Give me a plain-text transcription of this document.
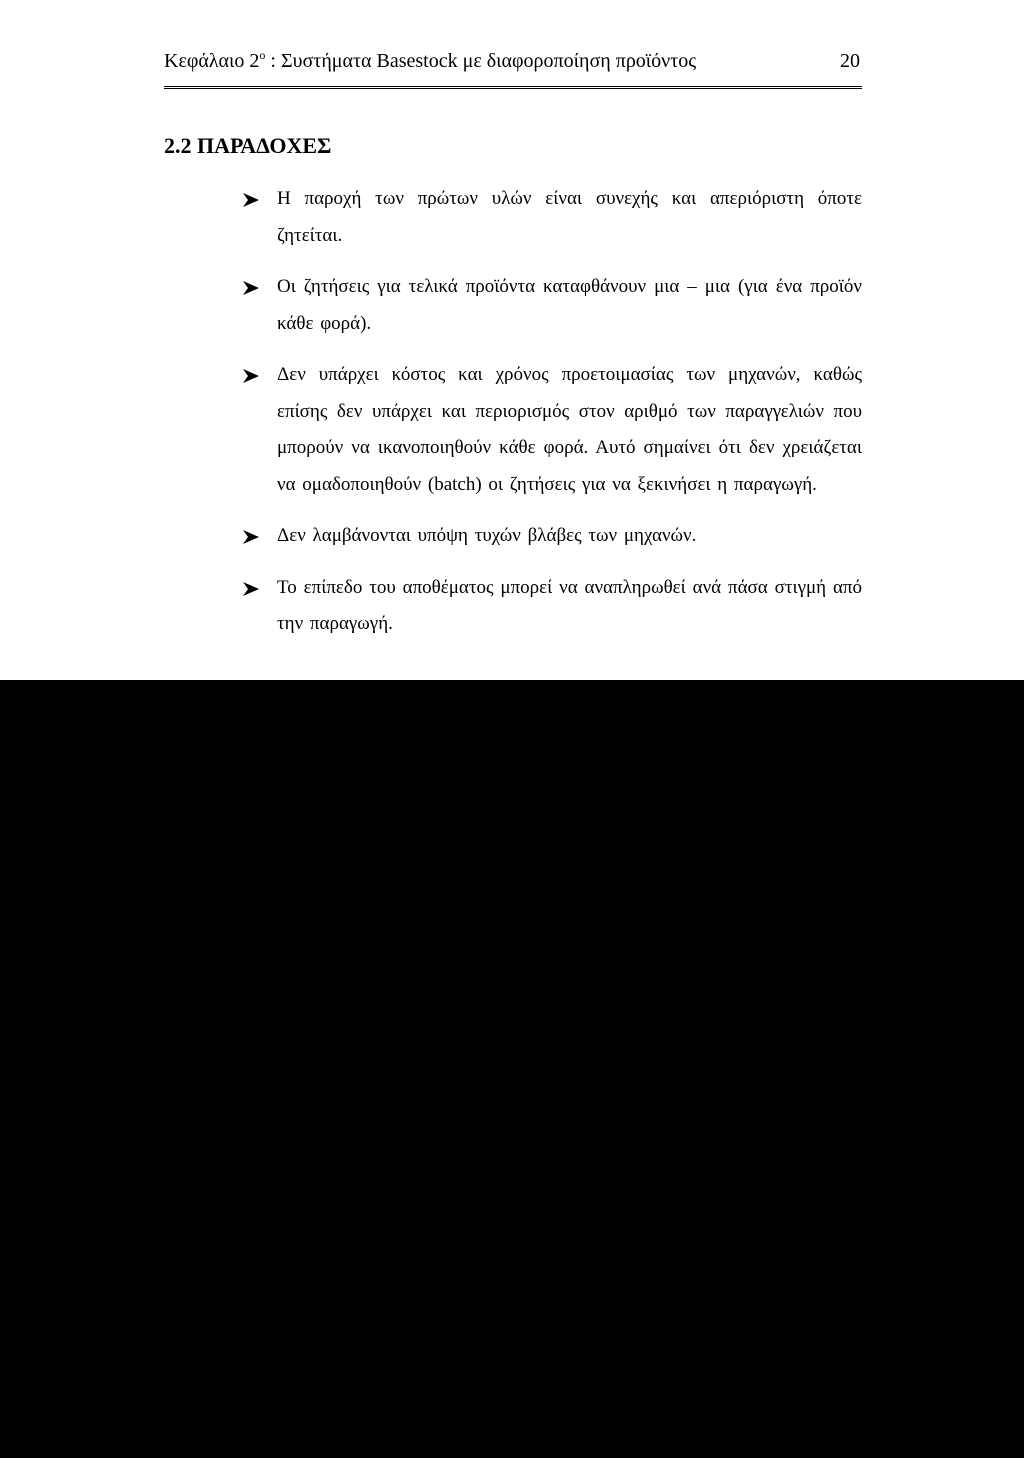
Κεφάλαιο $2^o$ : Συστήματα Basestock με διαφοροποίηση προϊόντος	20
2.2 ΠΑΡΑΔΟΧΕΣ
Η παροχή των πρώτων υλών είναι συνεχής και απεριόριστη όποτε ζητείται.
Οι ζητήσεις για τελικά προϊόντα καταφθάνουν μια – μια (για ένα προϊόν κάθε φορά).
Δεν υπάρχει κόστος και χρόνος προετοιμασίας των μηχανών, καθώς επίσης δεν υπάρχει και περιορισμός στον αριθμό των παραγγελιών που μπορούν να ικανοποιηθούν κάθε φορά. Αυτό σημαίνει ότι δεν χρειάζεται να ομαδοποιηθούν (batch) οι ζητήσεις για να ξεκινήσει η παραγωγή.
Δεν λαμβάνονται υπόψη τυχών βλάβες των μηχανών.
Το επίπεδο του αποθέματος μπορεί να αναπληρωθεί ανά πάσα στιγμή από την παραγωγή.
